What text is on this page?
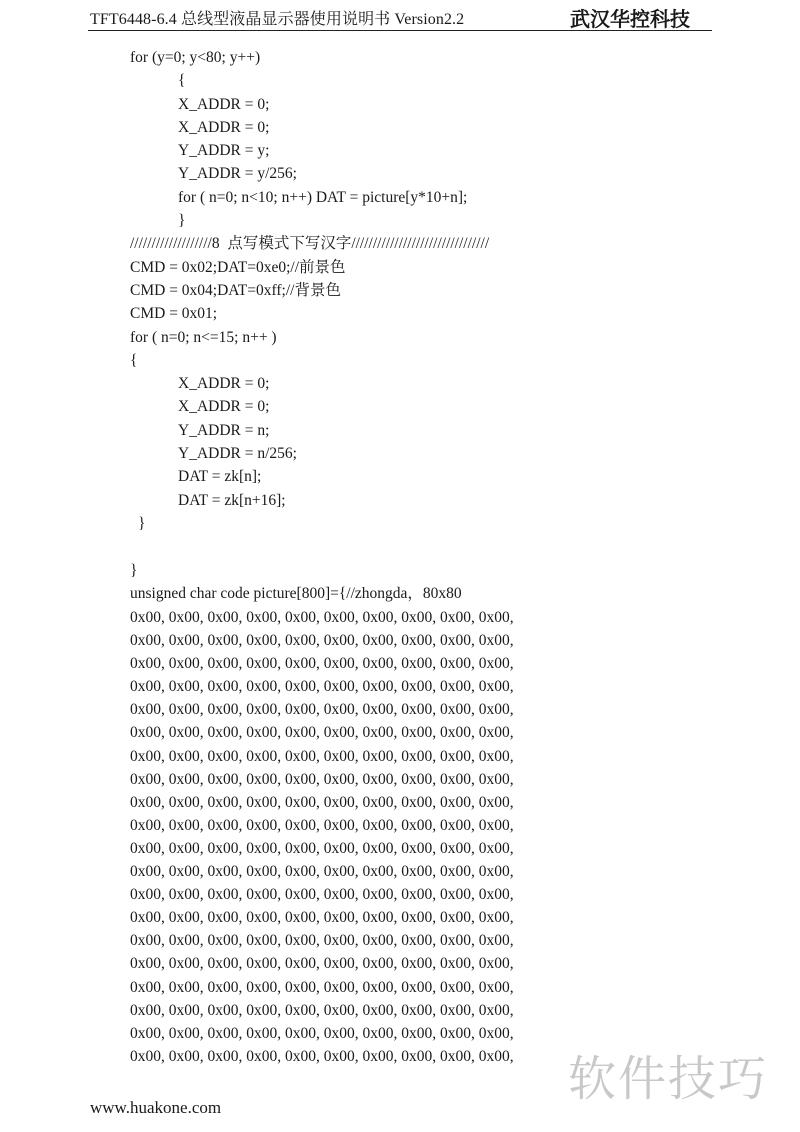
TFT6448-6.4 总线型液晶显示器使用说明书 Version2.2	武汉华控科技
for (y=0; y<80; y++)
{
X_ADDR = 0;
X_ADDR = 0;
Y_ADDR = y;
Y_ADDR = y/256;
for ( n=0; n<10; n++) DAT = picture[y*10+n];
}
///////////////////8  点写模式下写汉字////////////////////////////////
CMD = 0x02;DAT=0xe0;//前景色
CMD = 0x04;DAT=0xff;//背景色
CMD = 0x01;
for ( n=0; n<=15; n++ )
{
X_ADDR = 0;
X_ADDR = 0;
Y_ADDR = n;
Y_ADDR = n/256;
DAT = zk[n];
DAT = zk[n+16];
}
}
unsigned char code picture[800]={//zhongda，80x80
0x00, 0x00, 0x00, 0x00, 0x00, 0x00, 0x00, 0x00, 0x00, 0x00,
0x00, 0x00, 0x00, 0x00, 0x00, 0x00, 0x00, 0x00, 0x00, 0x00,
0x00, 0x00, 0x00, 0x00, 0x00, 0x00, 0x00, 0x00, 0x00, 0x00,
0x00, 0x00, 0x00, 0x00, 0x00, 0x00, 0x00, 0x00, 0x00, 0x00,
0x00, 0x00, 0x00, 0x00, 0x00, 0x00, 0x00, 0x00, 0x00, 0x00,
0x00, 0x00, 0x00, 0x00, 0x00, 0x00, 0x00, 0x00, 0x00, 0x00,
0x00, 0x00, 0x00, 0x00, 0x00, 0x00, 0x00, 0x00, 0x00, 0x00,
0x00, 0x00, 0x00, 0x00, 0x00, 0x00, 0x00, 0x00, 0x00, 0x00,
0x00, 0x00, 0x00, 0x00, 0x00, 0x00, 0x00, 0x00, 0x00, 0x00,
0x00, 0x00, 0x00, 0x00, 0x00, 0x00, 0x00, 0x00, 0x00, 0x00,
0x00, 0x00, 0x00, 0x00, 0x00, 0x00, 0x00, 0x00, 0x00, 0x00,
0x00, 0x00, 0x00, 0x00, 0x00, 0x00, 0x00, 0x00, 0x00, 0x00,
0x00, 0x00, 0x00, 0x00, 0x00, 0x00, 0x00, 0x00, 0x00, 0x00,
0x00, 0x00, 0x00, 0x00, 0x00, 0x00, 0x00, 0x00, 0x00, 0x00,
0x00, 0x00, 0x00, 0x00, 0x00, 0x00, 0x00, 0x00, 0x00, 0x00,
0x00, 0x00, 0x00, 0x00, 0x00, 0x00, 0x00, 0x00, 0x00, 0x00,
0x00, 0x00, 0x00, 0x00, 0x00, 0x00, 0x00, 0x00, 0x00, 0x00,
0x00, 0x00, 0x00, 0x00, 0x00, 0x00, 0x00, 0x00, 0x00, 0x00,
0x00, 0x00, 0x00, 0x00, 0x00, 0x00, 0x00, 0x00, 0x00, 0x00,
0x00, 0x00, 0x00, 0x00, 0x00, 0x00, 0x00, 0x00, 0x00, 0x00,
www.huakone.com
软件技巧
